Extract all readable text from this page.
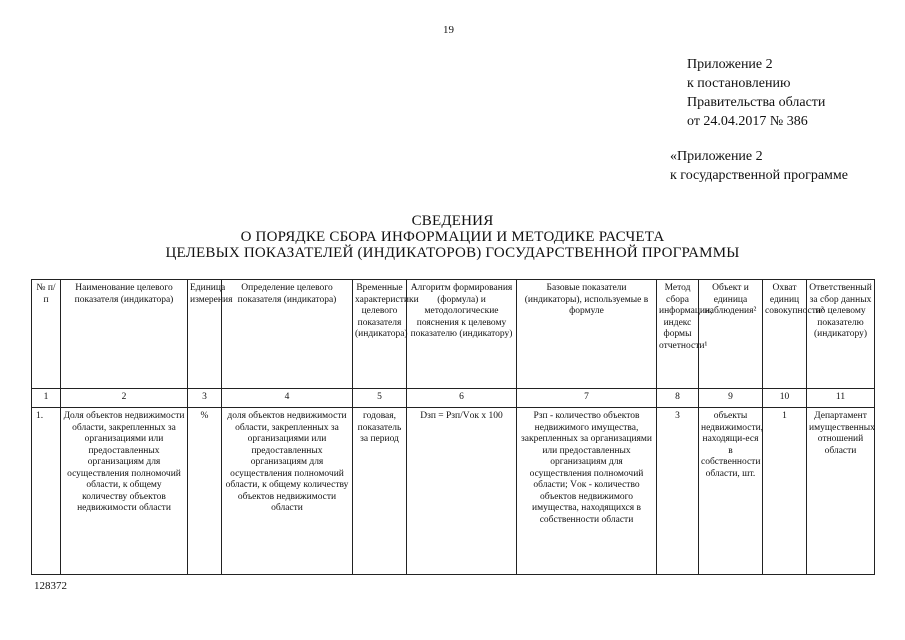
19
Приложение 2
к постановлению
Правительства области
от 24.04.2017 № 386
«Приложение 2
к государственной программе
СВЕДЕНИЯ
О ПОРЯДКЕ СБОРА ИНФОРМАЦИИ И МЕТОДИКЕ РАСЧЕТА
ЦЕЛЕВЫХ ПОКАЗАТЕЛЕЙ (ИНДИКАТОРОВ) ГОСУДАРСТВЕННОЙ ПРОГРАММЫ
№ п/п	Наименование целевого показателя (индикатора)	Единица измерения	Определение целевого показателя (индикатора)	Временные характеристики целевого показателя (индикатора)	Алгоритм формирования (формула) и методологические пояснения к целевому показателю (индикатору)	Базовые показатели (индикаторы), используемые в формуле	Метод сбора информации, индекс формы отчетности¹	Объект и единица наблюдения²	Охват единиц совокупности³	Ответственный за сбор данных по целевому показателю (индикатору)
1	2	3	4	5	6	7	8	9	10	11
1.	Доля объектов недвижимости области, закрепленных за организациями или предоставленных организациям для осуществления полномочий области, к общему количеству объектов недвижимости области	%	доля объектов недвижимости области, закрепленных за организациями или предоставленных организациям для осуществления полномочий области, к общему количеству объектов недвижимости области	годовая, показатель за период	Dзп = Рзп/Vок х 100	Рзп - количество объектов недвижимого имущества, закрепленных за организациями или предоставленных организациям для осуществления полномочий области; Vок - количество объектов недвижимого имущества, находящихся в собственности области	3	объекты недвижимости, находящи-еся в собственности области, шт.	1	Департамент имущественных отношений области
128372
